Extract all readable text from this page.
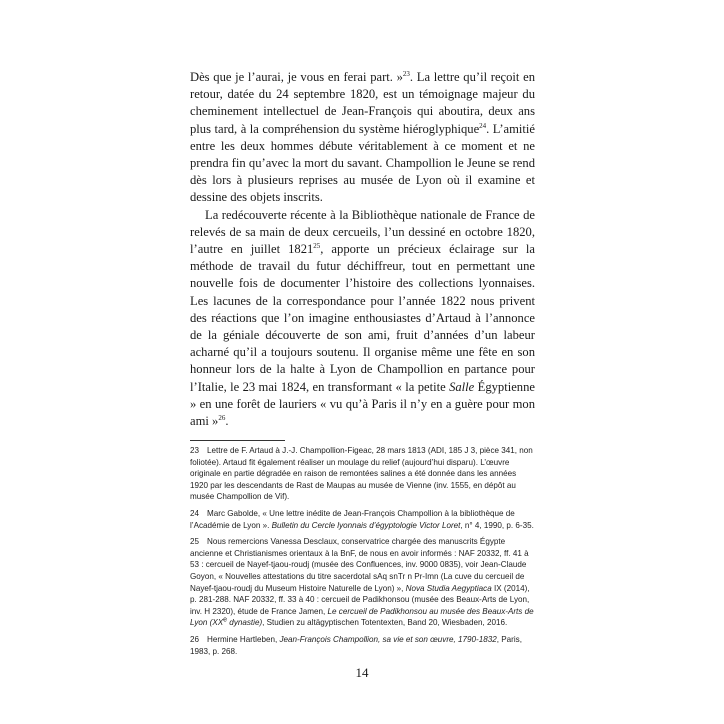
Dès que je l’aurai, je vous en ferai part. »$^{23}$. La lettre qu’il reçoit en retour, datée du 24 septembre 1820, est un témoignage majeur du cheminement intellectuel de Jean-François qui aboutira, deux ans plus tard, à la compréhension du système hiéroglyphique$^{24}$. L’amitié entre les deux hommes débute véritablement à ce moment et ne prendra fin qu’avec la mort du savant. Champollion le Jeune se rend dès lors à plusieurs reprises au musée de Lyon où il examine et dessine des objets inscrits.

La redécouverte récente à la Bibliothèque nationale de France de relevés de sa main de deux cercueils, l’un dessiné en octobre 1820, l’autre en juillet 1821$^{25}$, apporte un précieux éclairage sur la méthode de travail du futur déchiffreur, tout en permettant une nouvelle fois de documenter l’histoire des collections lyonnaises. Les lacunes de la correspondance pour l’année 1822 nous privent des réactions que l’on imagine enthousiastes d’Artaud à l’annonce de la géniale découverte de son ami, fruit d’années d’un labeur acharné qu’il a toujours soutenu. Il organise même une fête en son honneur lors de la halte à Lyon de Champollion en partance pour l’Italie, le 23 mai 1824, en transformant « la petite Salle Égyptienne » en une forêt de lauriers « vu qu’à Paris il n’y en a guère pour mon ami »$^{26}$.

23 Lettre de F. Artaud à J.-J. Champollion-Figeac, 28 mars 1813 (ADI, 185 J 3, pièce 341, non foliotée). Artaud fit également réaliser un moulage du relief (aujourd’hui disparu). L’œuvre originale en partie dégradée en raison de remontées salines a été donnée dans les années 1920 par les descendants de Rast de Maupas au musée de Vienne (inv. 1555, en dépôt au musée Champollion de Vif).

24 Marc Gabolde, « Une lettre inédite de Jean-François Champollion à la bibliothèque de l’Académie de Lyon ». Bulletin du Cercle lyonnais d’égyptologie Victor Loret, n° 4, 1990, p. 6-35.

25 Nous remercions Vanessa Desclaux, conservatrice chargée des manuscrits Égypte ancienne et Christianismes orientaux à la BnF, de nous en avoir informés : NAF 20332, ff. 41 à 53 : cercueil de Nayef-tjaou-roudj (musée des Confluences, inv. 9000 0835), voir Jean-Claude Goyon, « Nouvelles attestations du titre sacerdotal sAq snTr n Pr-Imn (La cuve du cercueil de Nayef-tjaou-roudj du Museum Histoire Naturelle de Lyon) », Nova Studia Aegyptiaca IX (2014), p. 281-288. NAF 20332, ff. 33 à 40 : cercueil de Padikhonsou (musée des Beaux-Arts de Lyon, inv. H 2320), étude de France Jamen, Le cercueil de Padikhonsou au musée des Beaux-Arts de Lyon (XXe dynastie), Studien zu altägyptischen Totentexten, Band 20, Wiesbaden, 2016.

26 Hermine Hartleben, Jean-François Champollion, sa vie et son œuvre, 1790-1832, Paris, 1983, p. 268.

14
